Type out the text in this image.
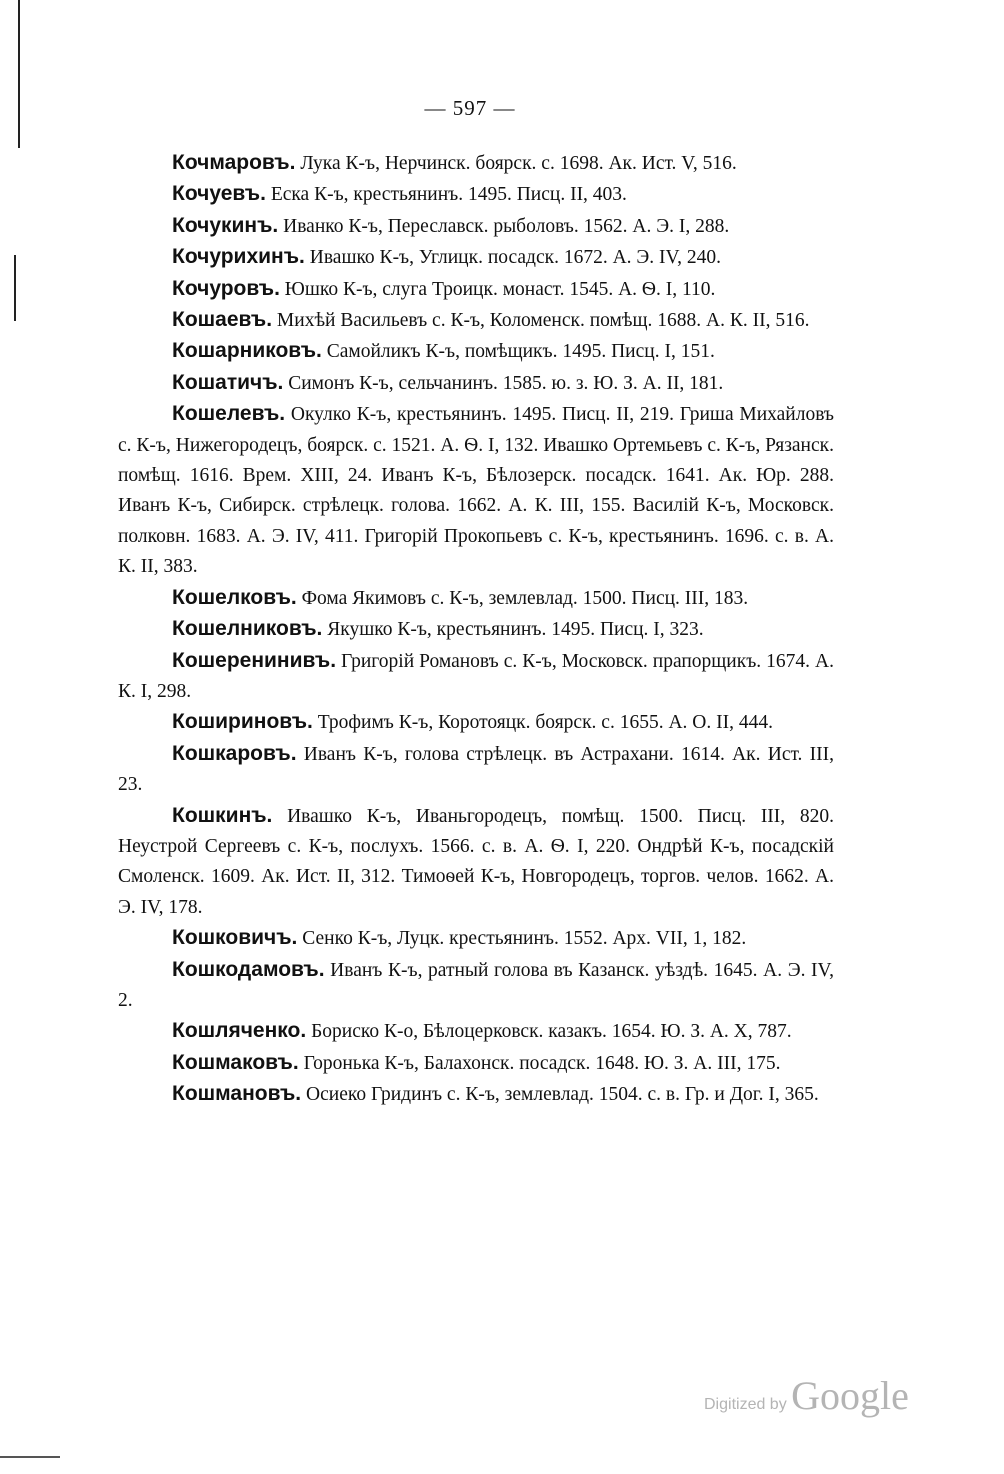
— 597 —
Кочмаровъ. Лука К-ъ, Нерчинск. боярск. с. 1698. Ак. Ист. V, 516.
Кочуевъ. Еска К-ъ, крестьянинъ. 1495. Писц. II, 403.
Кочукинъ. Иванко К-ъ, Переславск. рыболовъ. 1562. А. Э. I, 288.
Кочурихинъ. Ивашко К-ъ, Углицк. посадск. 1672. А. Э. IV, 240.
Кочуровъ. Юшко К-ъ, слуга Троицк. монаст. 1545. А. Ѳ. I, 110.
Кошаевъ. Михѣй Васильевъ с. К-ъ, Коломенск. помѣщ. 1688. А. К. II, 516.
Кошарниковъ. Самойликъ К-ъ, помѣщикъ. 1495. Писц. I, 151.
Кошатичъ. Симонъ К-ъ, сельчанинъ. 1585. ю. з. Ю. З. А. II, 181.
Кошелевъ. Окулко К-ъ, крестьянинъ. 1495. Писц. II, 219. Гриша Михайловъ с. К-ъ, Нижегородецъ, боярск. с. 1521. А. Ѳ. I, 132. Ивашко Ортемьевъ с. К-ъ, Рязанск. помѣщ. 1616. Врем. XIII, 24. Иванъ К-ъ, Бѣлозерск. посадск. 1641. Ак. Юр. 288. Иванъ К-ъ, Сибирск. стрѣлецк. голова. 1662. А. К. III, 155. Василій К-ъ, Московск. полковн. 1683. А. Э. IV, 411. Григорій Прокопьевъ с. К-ъ, крестьянинъ. 1696. с. в. А. К. II, 383.
Кошелковъ. Фома Якимовъ с. К-ъ, землевлад. 1500. Писц. III, 183.
Кошелниковъ. Якушко К-ъ, крестьянинъ. 1495. Писц. I, 323.
Кошеренинивъ. Григорій Романовъ с. К-ъ, Московск. прапорщикъ. 1674. А. К. I, 298.
Кошириновъ. Трофимъ К-ъ, Коротояцк. боярск. с. 1655. А. О. II, 444.
Кошкаровъ. Иванъ К-ъ, голова стрѣлецк. въ Астрахани. 1614. Ак. Ист. III, 23.
Кошкинъ. Ивашко К-ъ, Иваньгородецъ, помѣщ. 1500. Писц. III, 820. Неустрой Сергеевъ с. К-ъ, послухъ. 1566. с. в. А. Ѳ. I, 220. Ондрѣй К-ъ, посадскій Смоленск. 1609. Ак. Ист. II, 312. Тимоѳей К-ъ, Новгородецъ, торгов. челов. 1662. А. Э. IV, 178.
Кошковичъ. Сенко К-ъ, Луцк. крестьянинъ. 1552. Арх. VII, 1, 182.
Кошкодамовъ. Иванъ К-ъ, ратный голова въ Казанск. уѣздѣ. 1645. А. Э. IV, 2.
Кошляченко. Бориско К-о, Бѣлоцерковск. казакъ. 1654. Ю. З. А. X, 787.
Кошмаковъ. Горонька К-ъ, Балахонск. посадск. 1648. Ю. З. А. III, 175.
Кошмановъ. Осиеко Гридинъ с. К-ъ, землевлад. 1504. с. в. Гр. и Дог. I, 365.
Digitized by Google
